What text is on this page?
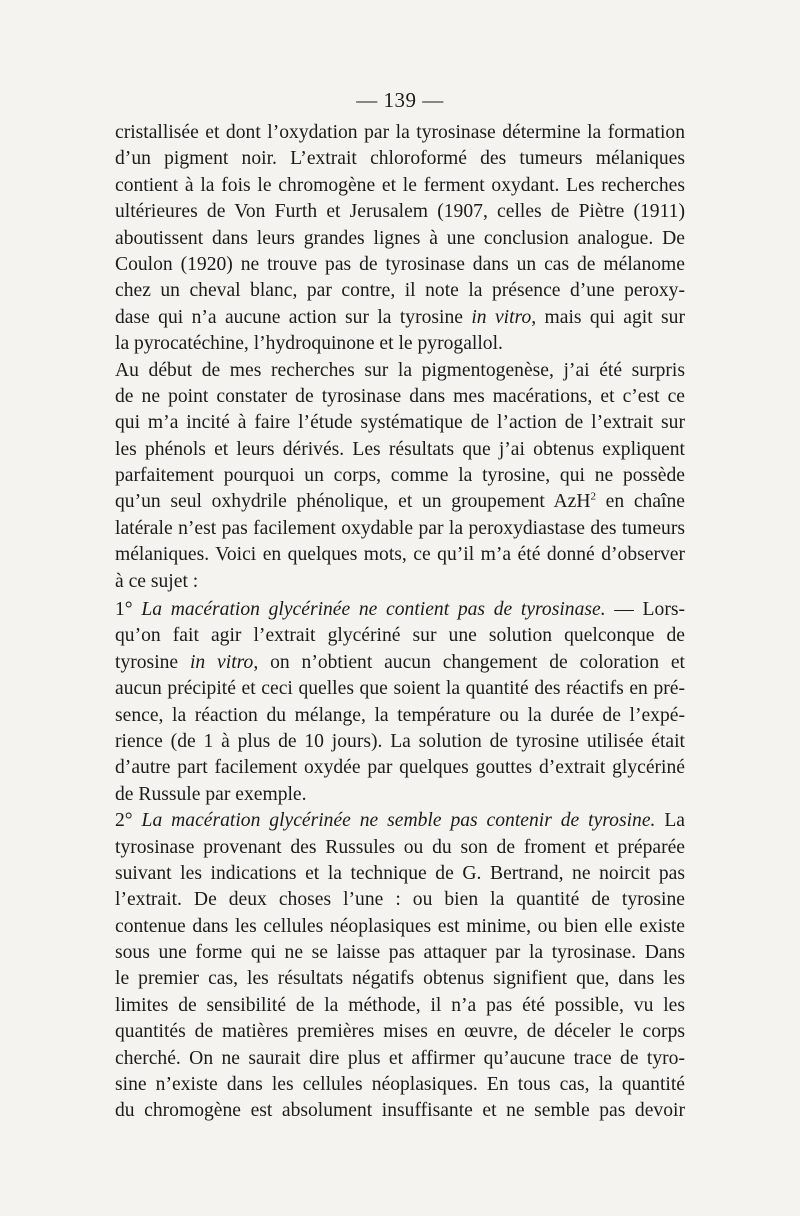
— 139 —
cristallisée et dont l’oxydation par la tyrosinase détermine la formation
d’un pigment noir. L’extrait chloroformé des tumeurs mélaniques
contient à la fois le chromogène et le ferment oxydant. Les recherches
ultérieures de Von Furth et Jerusalem (1907, celles de Piètre (1911)
aboutissent dans leurs grandes lignes à une conclusion analogue. De
Coulon (1920) ne trouve pas de tyrosinase dans un cas de mélanome
chez un cheval blanc, par contre, il note la présence d’une peroxy-
dase qui n’a aucune action sur la tyrosine in vitro, mais qui agit sur
la pyrocatéchine, l’hydroquinone et le pyrogallol.
Au début de mes recherches sur la pigmentogenèse, j’ai été surpris
de ne point constater de tyrosinase dans mes macérations, et c’est ce
qui m’a incité à faire l’étude systématique de l’action de l’extrait sur
les phénols et leurs dérivés. Les résultats que j’ai obtenus expliquent
parfaitement pourquoi un corps, comme la tyrosine, qui ne possède
qu’un seul oxhydrile phénolique, et un groupement AzH$^2$ en chaîne
latérale n’est pas facilement oxydable par la peroxydiastase des tumeurs
mélaniques. Voici en quelques mots, ce qu’il m’a été donné d’observer
à ce sujet :
1° La macération glycérinée ne contient pas de tyrosinase. — Lors-
qu’on fait agir l’extrait glycériné sur une solution quelconque de
tyrosine in vitro, on n’obtient aucun changement de coloration et
aucun précipité et ceci quelles que soient la quantité des réactifs en pré-
sence, la réaction du mélange, la température ou la durée de l’expé-
rience (de 1 à plus de 10 jours). La solution de tyrosine utilisée était
d’autre part facilement oxydée par quelques gouttes d’extrait glycériné
de Russule par exemple.
2° La macération glycérinée ne semble pas contenir de tyrosine. La
tyrosinase provenant des Russules ou du son de froment et préparée
suivant les indications et la technique de G. Bertrand, ne noircit pas
l’extrait. De deux choses l’une : ou bien la quantité de tyrosine
contenue dans les cellules néoplasiques est minime, ou bien elle existe
sous une forme qui ne se laisse pas attaquer par la tyrosinase. Dans
le premier cas, les résultats négatifs obtenus signifient que, dans les
limites de sensibilité de la méthode, il n’a pas été possible, vu les
quantités de matières premières mises en œuvre, de déceler le corps
cherché. On ne saurait dire plus et affirmer qu’aucune trace de tyro-
sine n’existe dans les cellules néoplasiques. En tous cas, la quantité
du chromogène est absolument insuffisante et ne semble pas devoir
